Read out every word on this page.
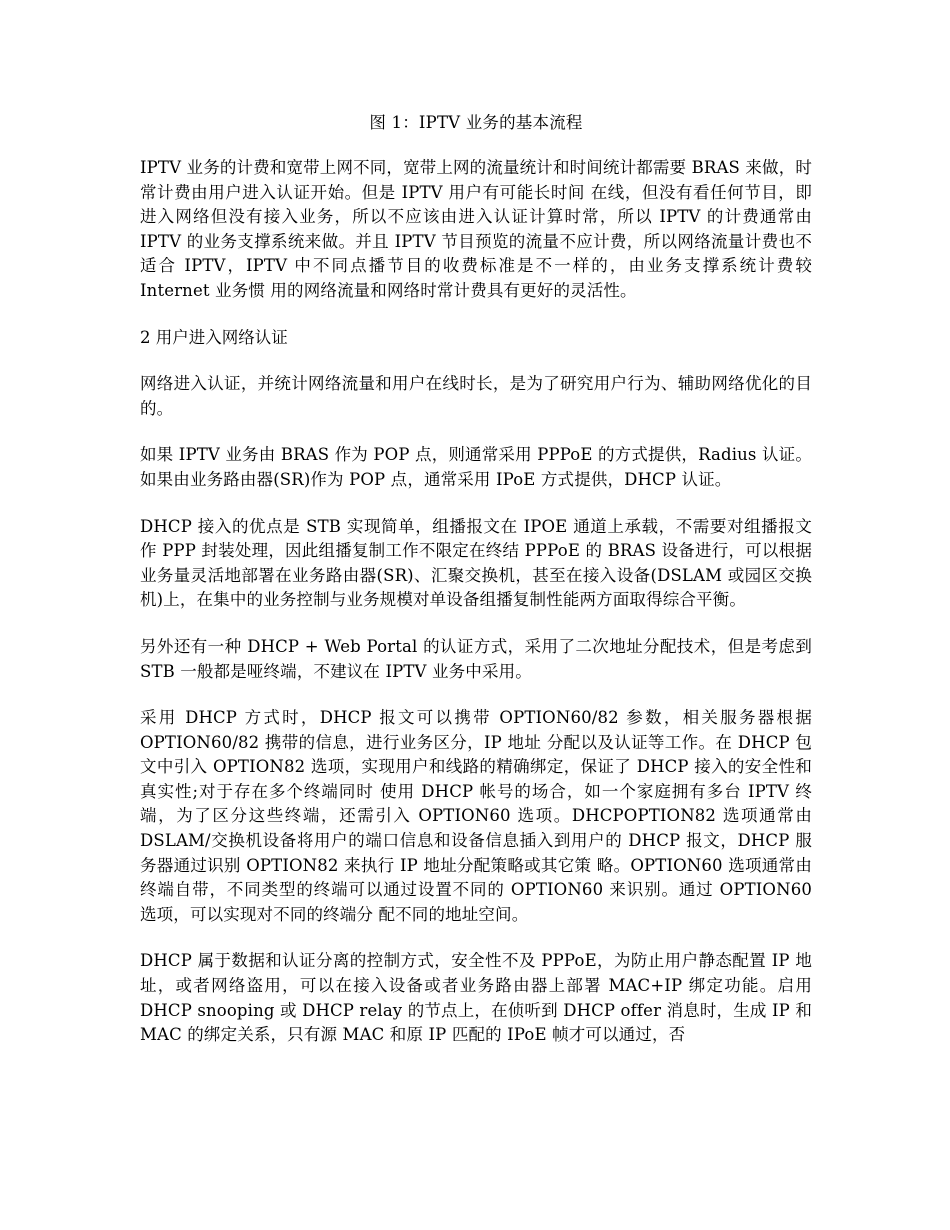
图 1：IPTV 业务的基本流程

IPTV 业务的计费和宽带上网不同，宽带上网的流量统计和时间统计都需要 BRAS 来做，时常计费由用户进入认证开始。但是 IPTV 用户有可能长时间 在线，但没有看任何节目，即进入网络但没有接入业务，所以不应该由进入认证计算时常，所以 IPTV 的计费通常由 IPTV 的业务支撑系统来做。并且 IPTV 节目预览的流量不应计费，所以网络流量计费也不适合 IPTV，IPTV 中不同点播节目的收费标准是不一样的，由业务支撑系统计费较 Internet 业务惯 用的网络流量和网络时常计费具有更好的灵活性。

2 用户进入网络认证

网络进入认证，并统计网络流量和用户在线时长，是为了研究用户行为、辅助网络优化的目的。

如果 IPTV 业务由 BRAS 作为 POP 点，则通常采用 PPPoE 的方式提供，Radius 认证。如果由业务路由器(SR)作为 POP 点，通常采用 IPoE 方式提供，DHCP 认证。

DHCP 接入的优点是 STB 实现简单，组播报文在 IPOE 通道上承载，不需要对组播报文作 PPP 封装处理，因此组播复制工作不限定在终结 PPPoE 的 BRAS 设备进行，可以根据业务量灵活地部署在业务路由器(SR)、汇聚交换机，甚至在接入设备(DSLAM 或园区交换机)上，在集中的业务控制与业务规模对单设备组播复制性能两方面取得综合平衡。

另外还有一种 DHCP + Web Portal 的认证方式，采用了二次地址分配技术，但是考虑到 STB 一般都是哑终端，不建议在 IPTV 业务中采用。

采用 DHCP 方式时，DHCP 报文可以携带 OPTION60/82 参数，相关服务器根据 OPTION60/82 携带的信息，进行业务区分，IP 地址 分配以及认证等工作。在 DHCP 包文中引入 OPTION82 选项，实现用户和线路的精确绑定，保证了 DHCP 接入的安全性和真实性;对于存在多个终端同时 使用 DHCP 帐号的场合，如一个家庭拥有多台 IPTV 终端，为了区分这些终端，还需引入 OPTION60 选项。DHCPOPTION82 选项通常由 DSLAM/交换机设备将用户的端口信息和设备信息插入到用户的 DHCP 报文，DHCP 服务器通过识别 OPTION82 来执行 IP 地址分配策略或其它策 略。OPTION60 选项通常由终端自带，不同类型的终端可以通过设置不同的 OPTION60 来识别。通过 OPTION60 选项，可以实现对不同的终端分 配不同的地址空间。

DHCP 属于数据和认证分离的控制方式，安全性不及 PPPoE，为防止用户静态配置 IP 地址，或者网络盗用，可以在接入设备或者业务路由器上部署 MAC+IP 绑定功能。启用 DHCP snooping 或 DHCP relay 的节点上，在侦听到 DHCP offer 消息时，生成 IP 和 MAC 的绑定关系，只有源 MAC 和原 IP 匹配的 IPoE 帧才可以通过，否
